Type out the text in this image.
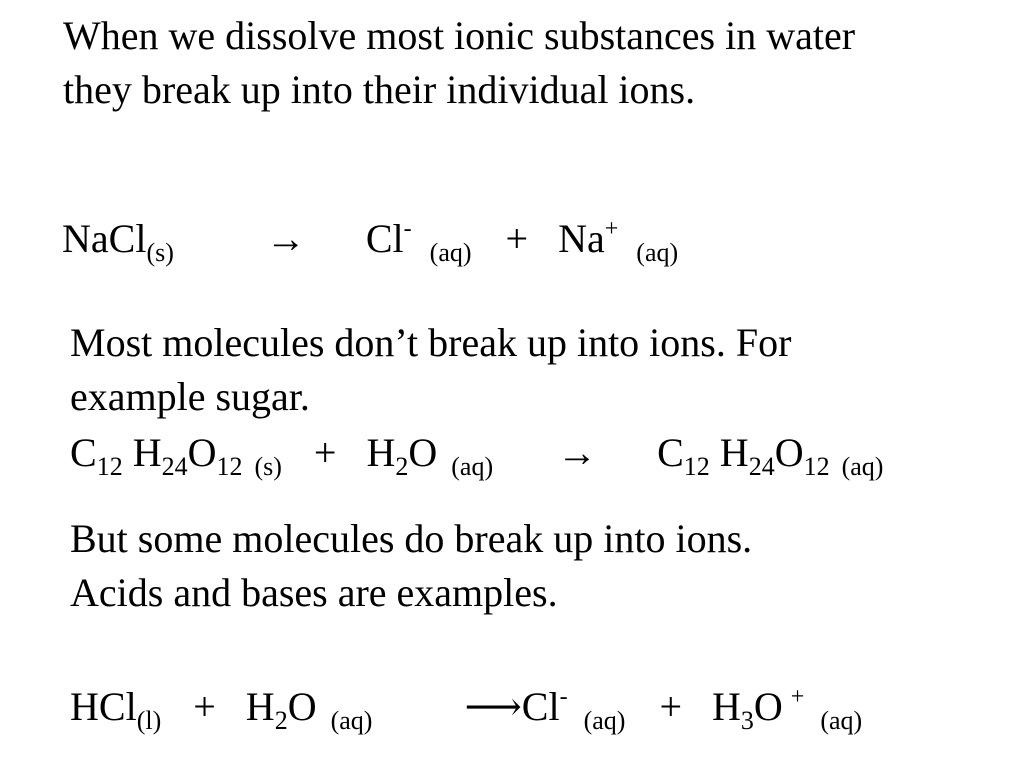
When we dissolve most ionic substances in water
they break up into their individual ions.

NaCl(s) → Cl- (aq) + Na+ (aq)

Most molecules don’t break up into ions. For
example sugar.

C12 H24O12 (s) + H2O (aq) → C12 H24O12 (aq)

But some molecules do break up into ions.
Acids and bases are examples.

HCl(l) + H2O (aq) ⟶Cl- (aq) + H3O + (aq)
